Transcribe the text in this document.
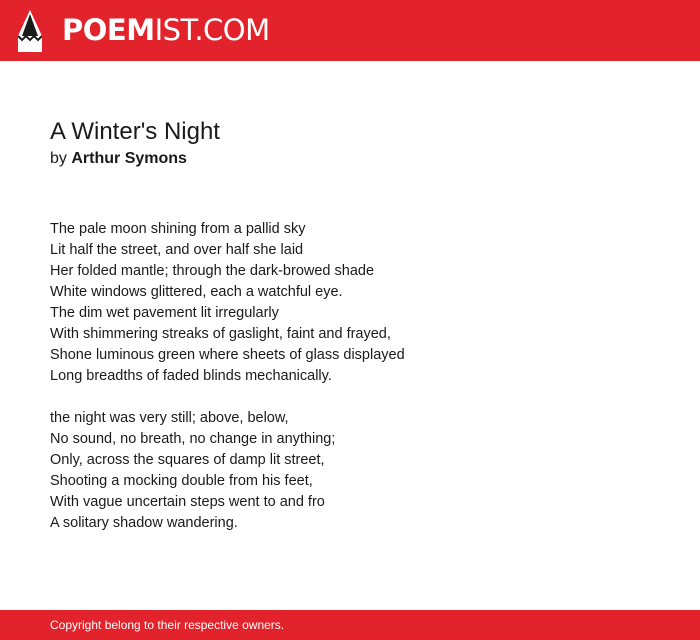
POEMIST.COM
A Winter's Night
by Arthur Symons
The pale moon shining from a pallid sky
Lit half the street, and over half she laid
Her folded mantle; through the dark-browed shade
White windows glittered, each a watchful eye.
The dim wet pavement lit irregularly
With shimmering streaks of gaslight, faint and frayed,
Shone luminous green where sheets of glass displayed
Long breadths of faded blinds mechanically.
the night was very still; above, below,
No sound, no breath, no change in anything;
Only, across the squares of damp lit street,
Shooting a mocking double from his feet,
With vague uncertain steps went to and fro
A solitary shadow wandering.
Copyright belong to their respective owners.
